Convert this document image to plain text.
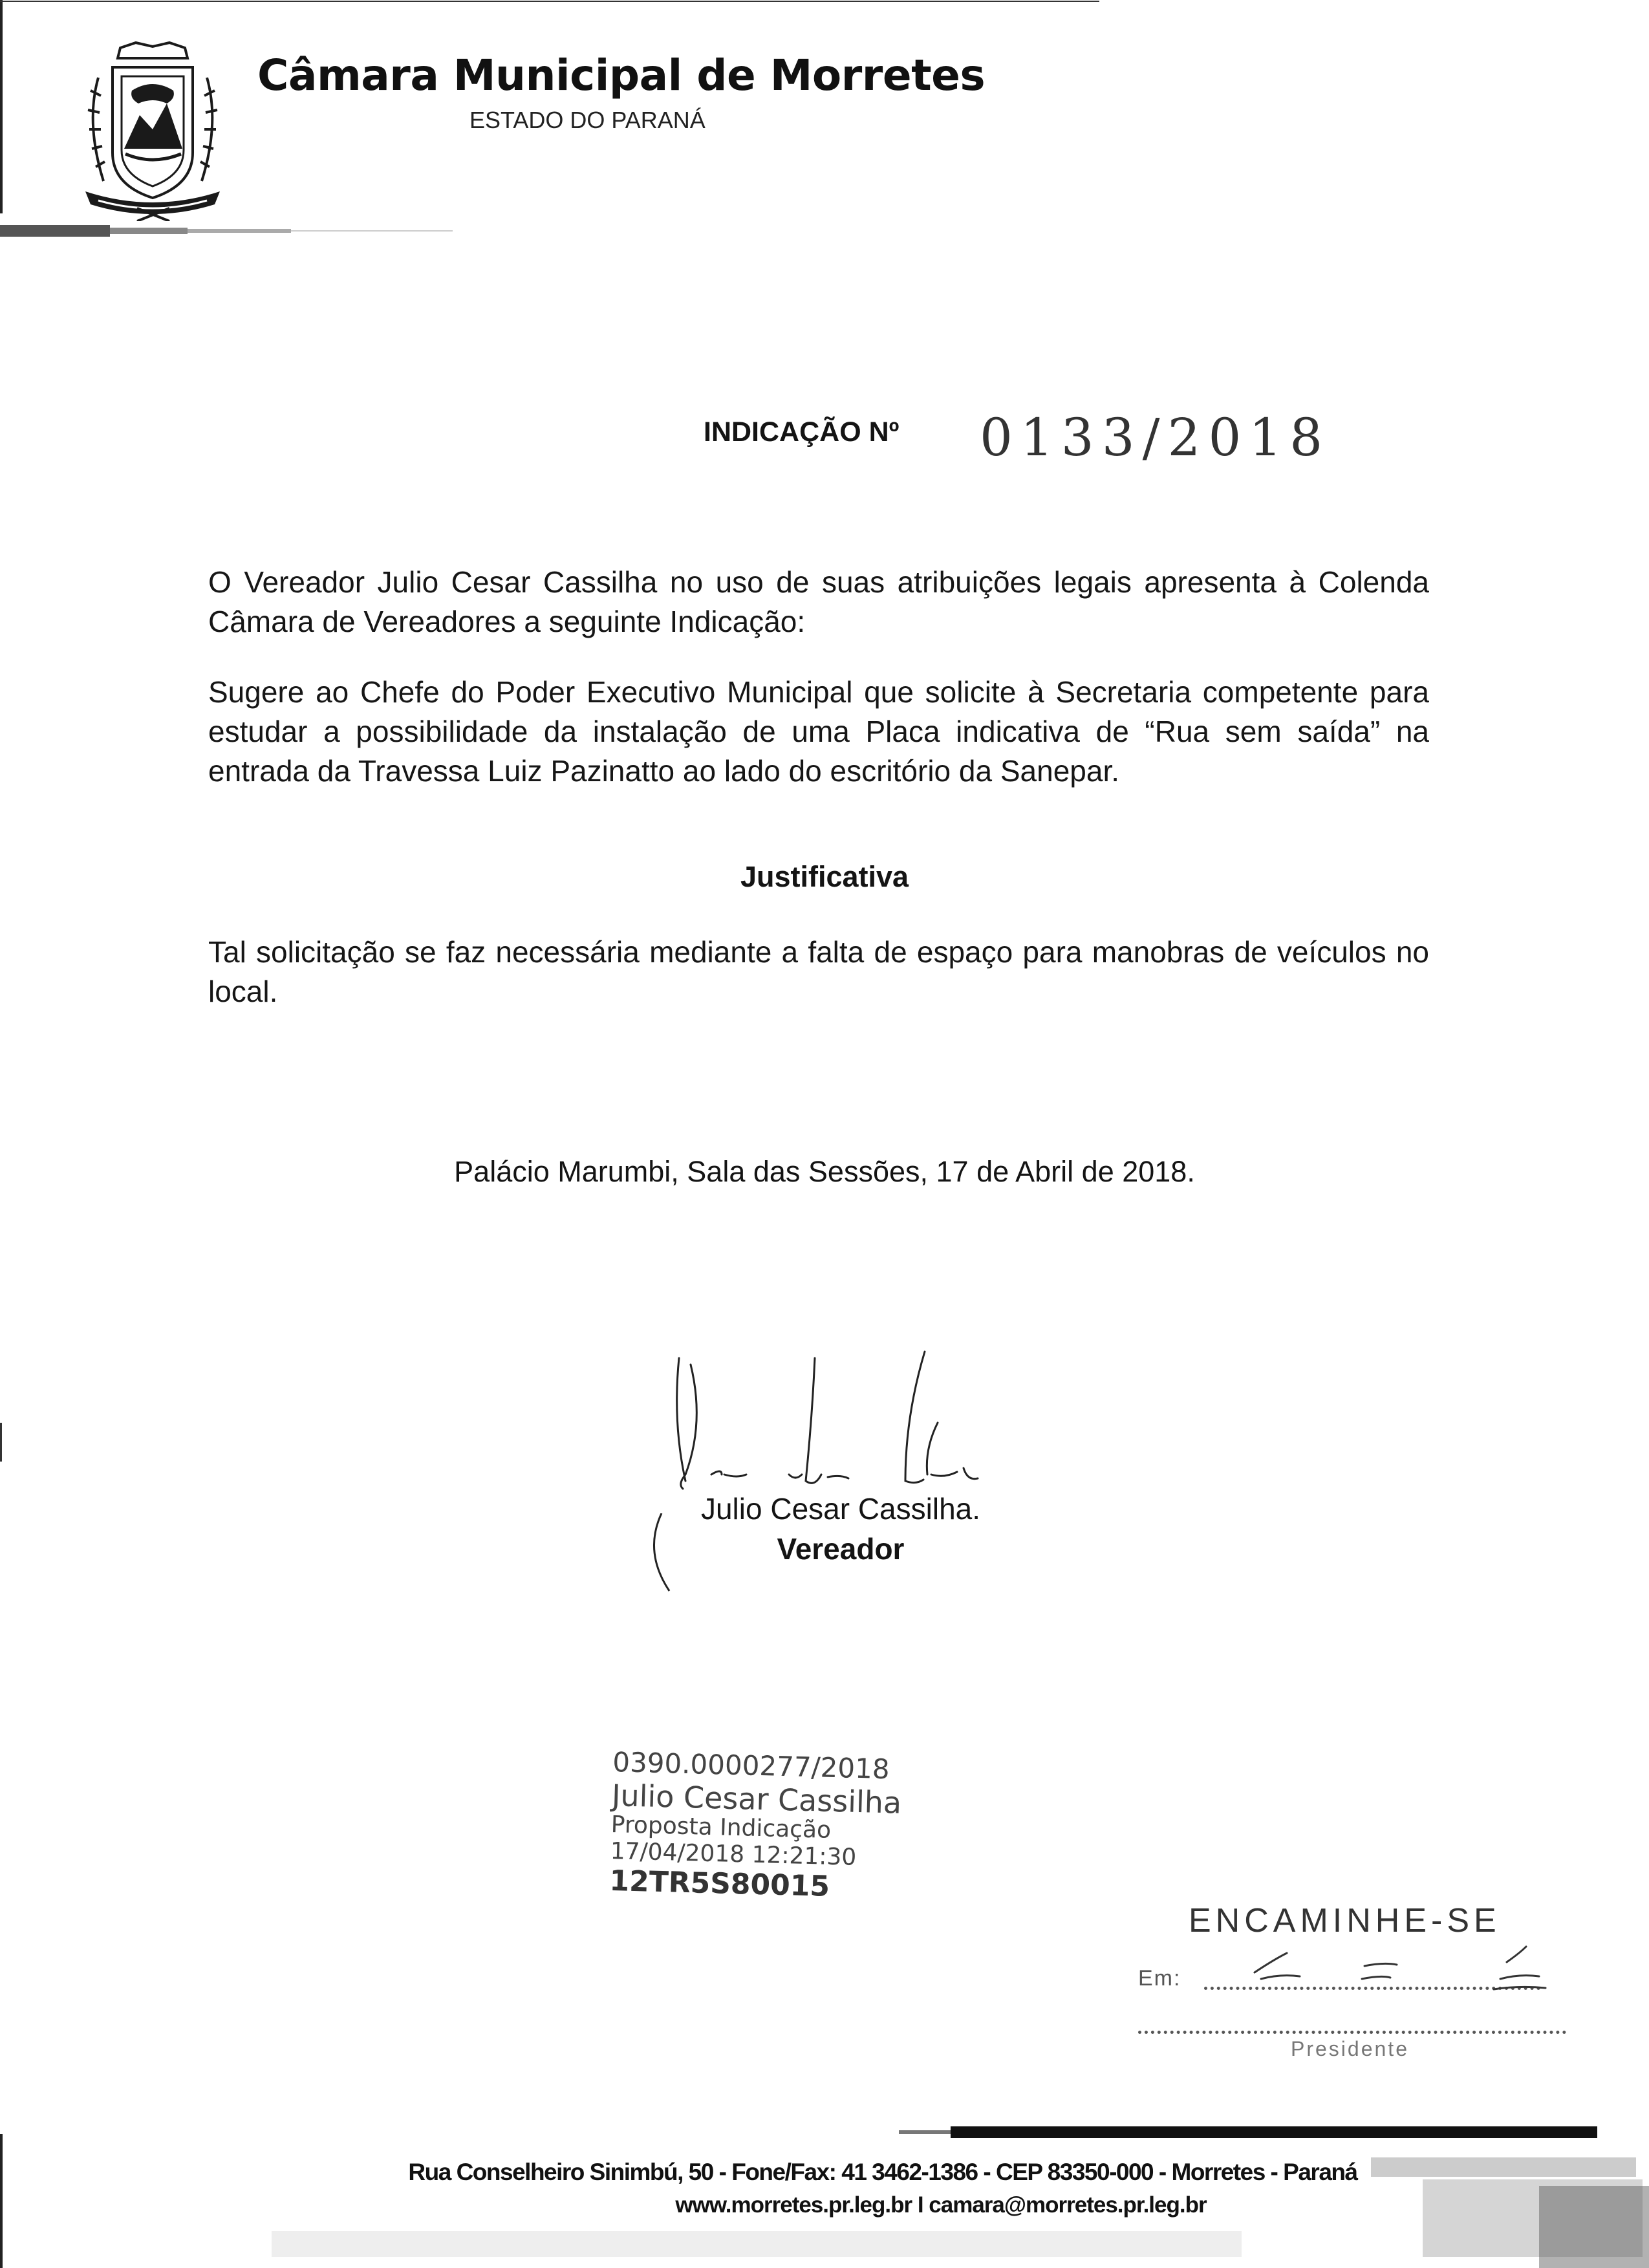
Câmara Municipal de Morretes
ESTADO DO PARANÁ
INDICAÇÃO Nº 0133/2018
O Vereador Julio Cesar Cassilha no uso de suas atribuições legais apresenta à Colenda Câmara de Vereadores a seguinte Indicação:
Sugere ao Chefe do Poder Executivo Municipal que solicite à Secretaria competente para estudar a possibilidade da instalação de uma Placa indicativa de “Rua sem saída” na entrada da Travessa Luiz Pazinatto ao lado do escritório da Sanepar.
Justificativa
Tal solicitação se faz necessária mediante a falta de espaço para manobras de veículos no local.
Palácio Marumbi, Sala das Sessões, 17 de Abril de 2018.
Julio Cesar Cassilha.
Vereador
0390.0000277/2018
Julio Cesar Cassilha
Proposta Indicação
17/04/2018 12:21:30
12TR5S80015
ENCAMINHE-SE
Em:
Presidente
Rua Conselheiro Sinimbú, 50 - Fone/Fax: 41 3462-1386 - CEP 83350-000 - Morretes - Paraná
www.morretes.pr.leg.br I camara@morretes.pr.leg.br
